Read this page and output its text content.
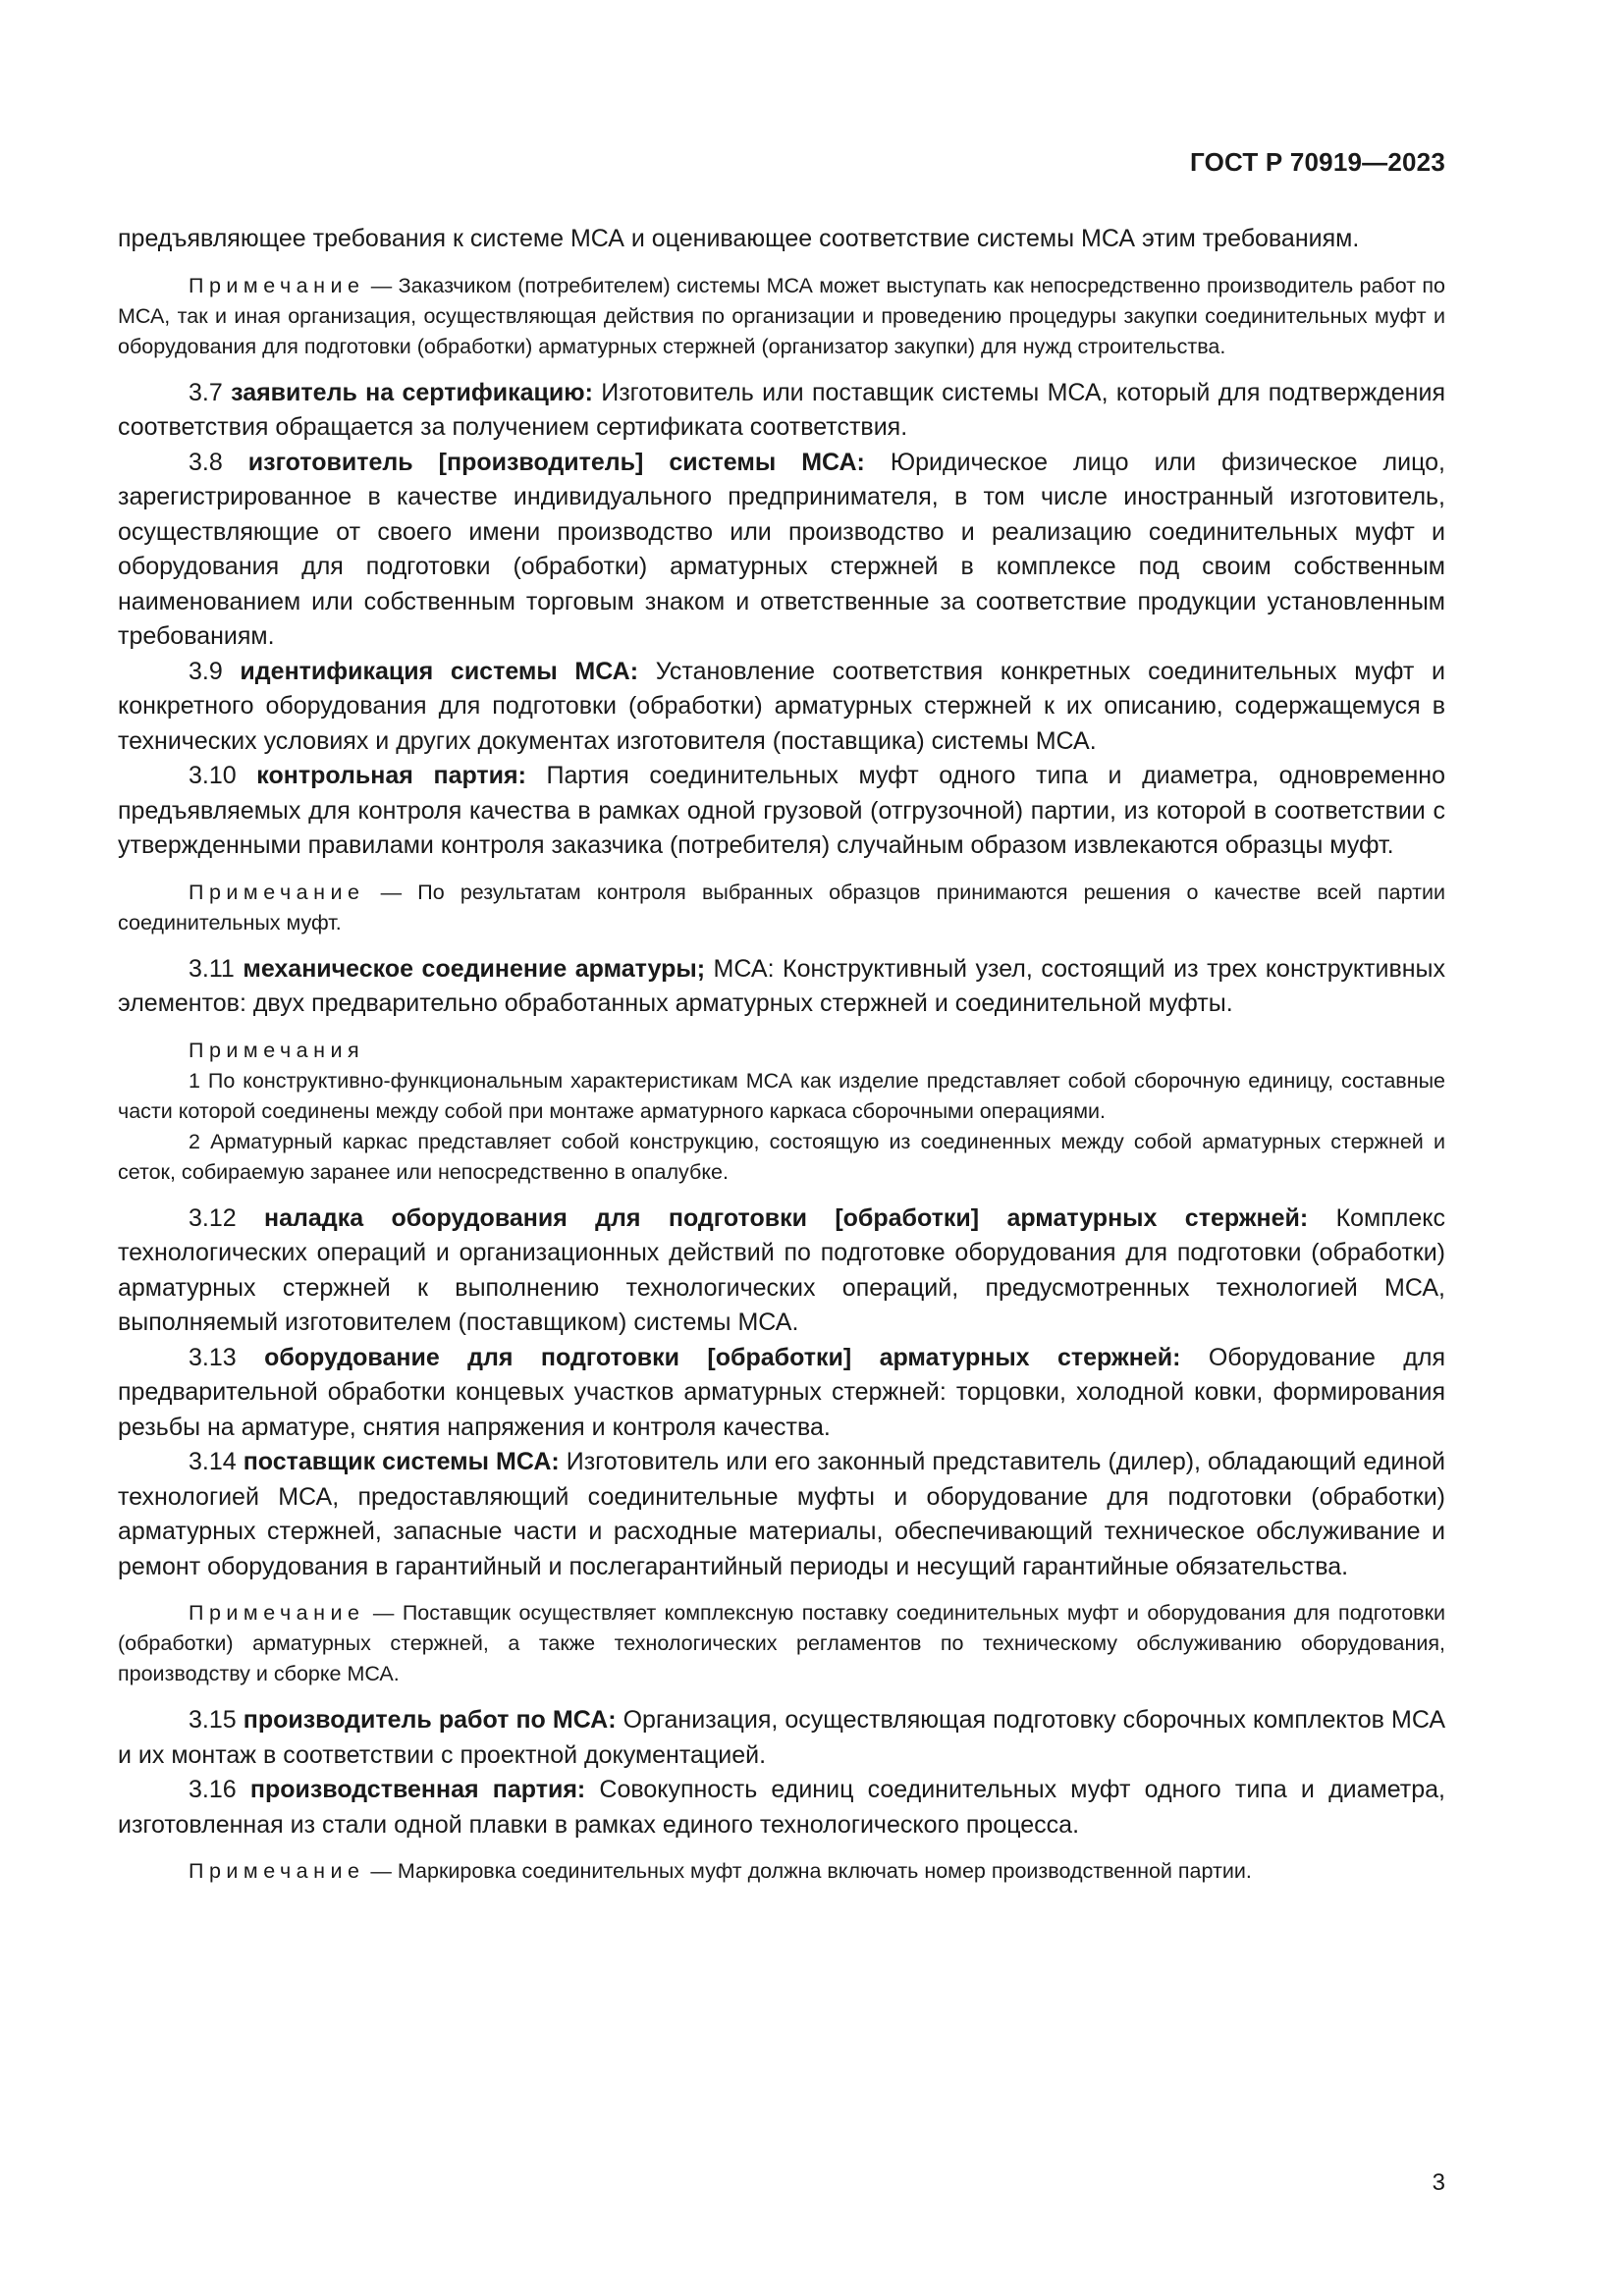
ГОСТ Р 70919—2023

предъявляющее требования к системе МСА и оценивающее соответствие системы МСА этим требованиям.

Примечание — Заказчиком (потребителем) системы МСА может выступать как непосредственно производитель работ по МСА, так и иная организация, осуществляющая действия по организации и проведению процедуры закупки соединительных муфт и оборудования для подготовки (обработки) арматурных стержней (организатор закупки) для нужд строительства.

3.7 заявитель на сертификацию: Изготовитель или поставщик системы МСА, который для подтверждения соответствия обращается за получением сертификата соответствия.

3.8 изготовитель [производитель] системы МСА: Юридическое лицо или физическое лицо, зарегистрированное в качестве индивидуального предпринимателя, в том числе иностранный изготовитель, осуществляющие от своего имени производство или производство и реализацию соединительных муфт и оборудования для подготовки (обработки) арматурных стержней в комплексе под своим собственным наименованием или собственным торговым знаком и ответственные за соответствие продукции установленным требованиям.

3.9 идентификация системы МСА: Установление соответствия конкретных соединительных муфт и конкретного оборудования для подготовки (обработки) арматурных стержней к их описанию, содержащемуся в технических условиях и других документах изготовителя (поставщика) системы МСА.

3.10 контрольная партия: Партия соединительных муфт одного типа и диаметра, одновременно предъявляемых для контроля качества в рамках одной грузовой (отгрузочной) партии, из которой в соответствии с утвержденными правилами контроля заказчика (потребителя) случайным образом извлекаются образцы муфт.

Примечание — По результатам контроля выбранных образцов принимаются решения о качестве всей партии соединительных муфт.

3.11 механическое соединение арматуры; МСА: Конструктивный узел, состоящий из трех конструктивных элементов: двух предварительно обработанных арматурных стержней и соединительной муфты.

Примечания

1 По конструктивно-функциональным характеристикам МСА как изделие представляет собой сборочную единицу, составные части которой соединены между собой при монтаже арматурного каркаса сборочными операциями.

2 Арматурный каркас представляет собой конструкцию, состоящую из соединенных между собой арматурных стержней и сеток, собираемую заранее или непосредственно в опалубке.

3.12 наладка оборудования для подготовки [обработки] арматурных стержней: Комплекс технологических операций и организационных действий по подготовке оборудования для подготовки (обработки) арматурных стержней к выполнению технологических операций, предусмотренных технологией МСА, выполняемый изготовителем (поставщиком) системы МСА.

3.13 оборудование для подготовки [обработки] арматурных стержней: Оборудование для предварительной обработки концевых участков арматурных стержней: торцовки, холодной ковки, формирования резьбы на арматуре, снятия напряжения и контроля качества.

3.14 поставщик системы МСА: Изготовитель или его законный представитель (дилер), обладающий единой технологией МСА, предоставляющий соединительные муфты и оборудование для подготовки (обработки) арматурных стержней, запасные части и расходные материалы, обеспечивающий техническое обслуживание и ремонт оборудования в гарантийный и послегарантийный периоды и несущий гарантийные обязательства.

Примечание — Поставщик осуществляет комплексную поставку соединительных муфт и оборудования для подготовки (обработки) арматурных стержней, а также технологических регламентов по техническому обслуживанию оборудования, производству и сборке МСА.

3.15 производитель работ по МСА: Организация, осуществляющая подготовку сборочных комплектов МСА и их монтаж в соответствии с проектной документацией.

3.16 производственная партия: Совокупность единиц соединительных муфт одного типа и диаметра, изготовленная из стали одной плавки в рамках единого технологического процесса.

Примечание — Маркировка соединительных муфт должна включать номер производственной партии.

3
